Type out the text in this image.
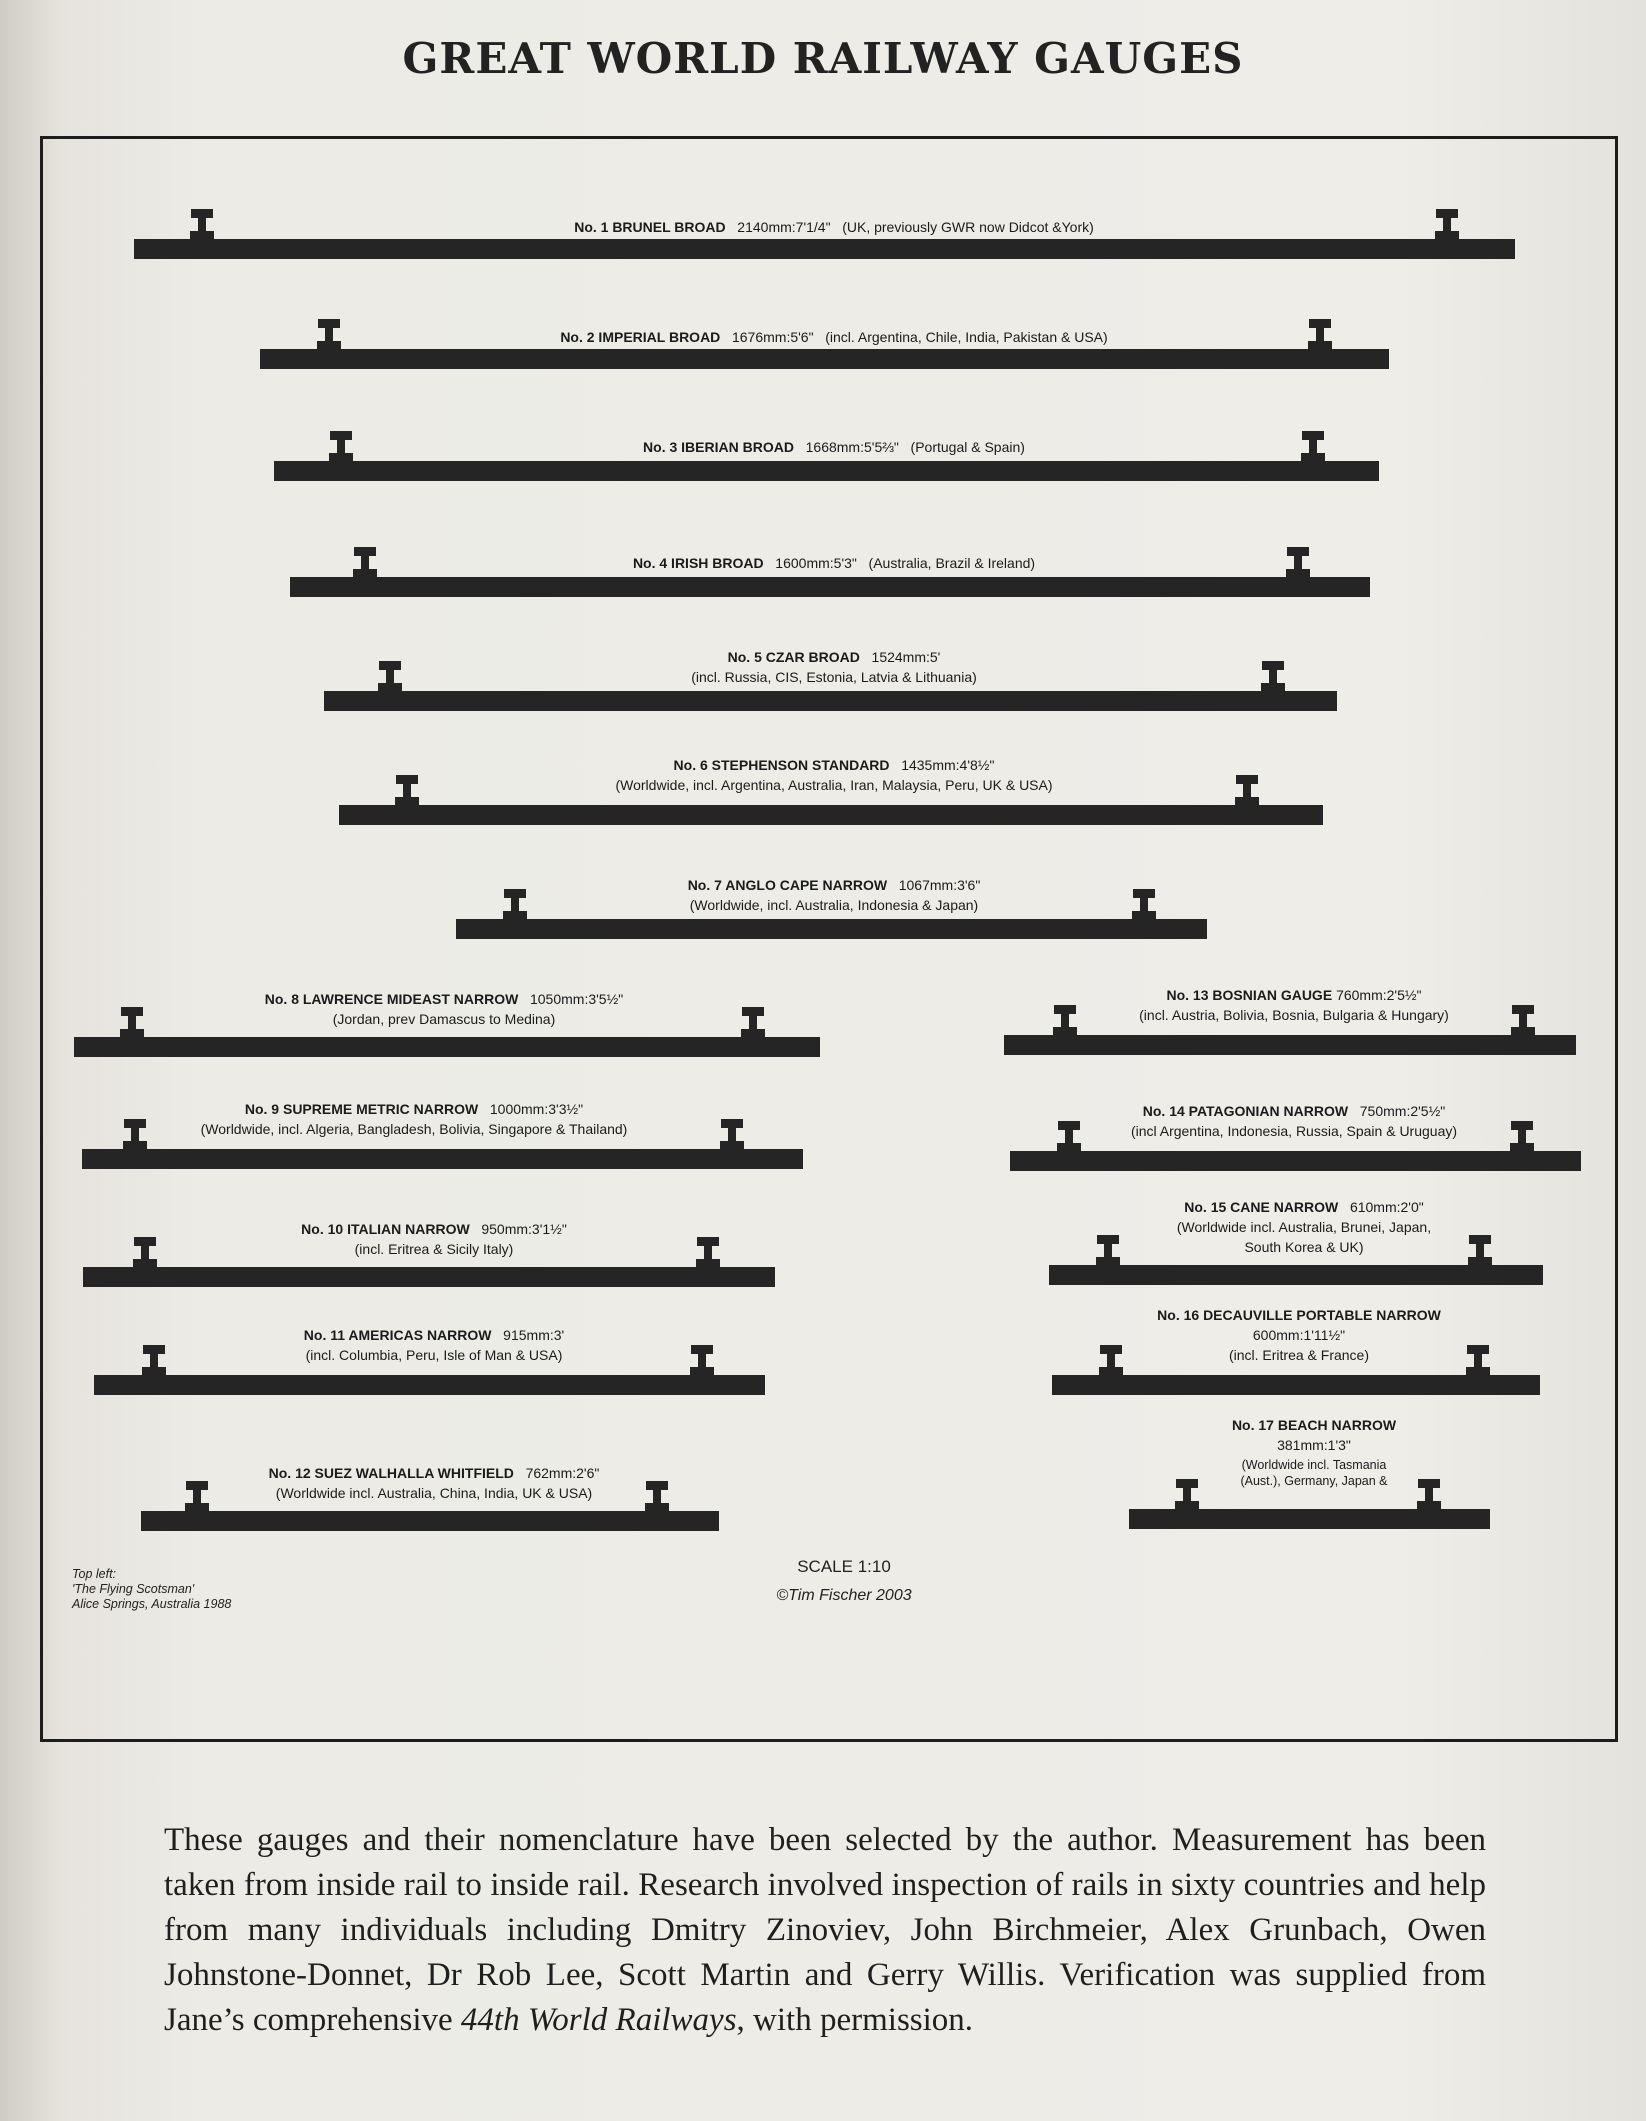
GREAT WORLD RAILWAY GAUGES
No. 1 BRUNEL BROAD 2140mm:7'1/4" (UK, previously GWR now Didcot &York)
No. 2 IMPERIAL BROAD 1676mm:5'6" (incl. Argentina, Chile, India, Pakistan & USA)
No. 3 IBERIAN BROAD 1668mm:5'5⅔" (Portugal & Spain)
No. 4 IRISH BROAD 1600mm:5'3" (Australia, Brazil & Ireland)
No. 5 CZAR BROAD 1524mm:5'
(incl. Russia, CIS, Estonia, Latvia & Lithuania)
No. 6 STEPHENSON STANDARD 1435mm:4'8½"
(Worldwide, incl. Argentina, Australia, Iran, Malaysia, Peru, UK & USA)
No. 7 ANGLO CAPE NARROW 1067mm:3'6"
(Worldwide, incl. Australia, Indonesia & Japan)
No. 8 LAWRENCE MIDEAST NARROW 1050mm:3'5½"
(Jordan, prev Damascus to Medina)
No. 9 SUPREME METRIC NARROW 1000mm:3'3½"
(Worldwide, incl. Algeria, Bangladesh, Bolivia, Singapore & Thailand)
No. 10 ITALIAN NARROW 950mm:3'1½"
(incl. Eritrea & Sicily Italy)
No. 11 AMERICAS NARROW 915mm:3'
(incl. Columbia, Peru, Isle of Man & USA)
No. 12 SUEZ WALHALLA WHITFIELD 762mm:2'6"
(Worldwide incl. Australia, China, India, UK & USA)
No. 13 BOSNIAN GAUGE 760mm:2'5½"
(incl. Austria, Bolivia, Bosnia, Bulgaria & Hungary)
No. 14 PATAGONIAN NARROW 750mm:2'5½"
(incl Argentina, Indonesia, Russia, Spain & Uruguay)
No. 15 CANE NARROW 610mm:2'0"
(Worldwide incl. Australia, Brunei, Japan,
South Korea & UK)
No. 16 DECAUVILLE PORTABLE NARROW
600mm:1'11½"
(incl. Eritrea & France)
No. 17 BEACH NARROW
381mm:1'3"
(Worldwide incl. Tasmania
(Aust.), Germany, Japan &
Top left:
'The Flying Scotsman'
Alice Springs, Australia 1988
SCALE 1:10
©Tim Fischer 2003
These gauges and their nomenclature have been selected by the author. Measurement has been taken from inside rail to inside rail. Research involved inspection of rails in sixty countries and help from many individuals including Dmitry Zinoviev, John Birchmeier, Alex Grunbach, Owen Johnstone-Donnet, Dr Rob Lee, Scott Martin and Gerry Willis. Verification was supplied from Jane’s comprehensive 44th World Railways, with permission.
